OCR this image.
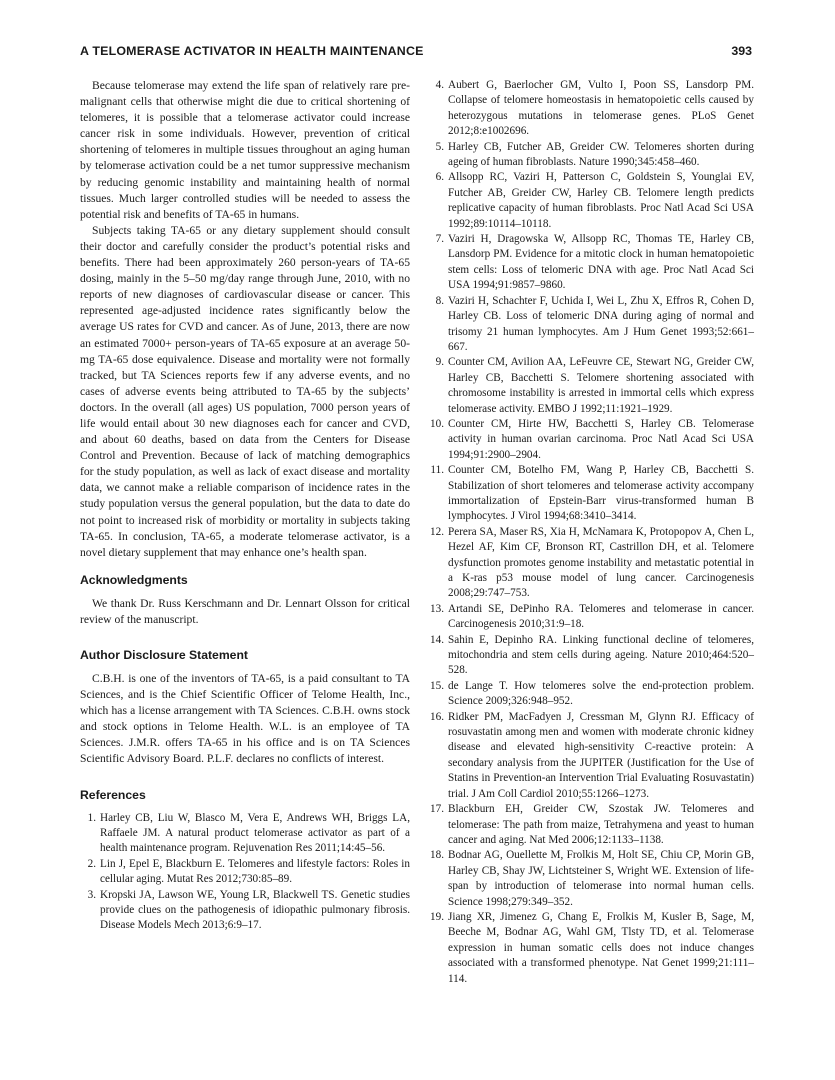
A TELOMERASE ACTIVATOR IN HEALTH MAINTENANCE	393

Because telomerase may extend the life span of relatively rare pre-malignant cells that otherwise might die due to critical shortening of telomeres, it is possible that a telomerase activator could increase cancer risk in some individuals. However, prevention of critical shortening of telomeres in multiple tissues throughout an aging human by telomerase activation could be a net tumor suppressive mechanism by reducing genomic instability and maintaining health of normal tissues. Much larger controlled studies will be needed to assess the potential risk and benefits of TA-65 in humans.

Subjects taking TA-65 or any dietary supplement should consult their doctor and carefully consider the product’s potential risks and benefits. There had been approximately 260 person-years of TA-65 dosing, mainly in the 5–50 mg/day range through June, 2010, with no reports of new diagnoses of cardiovascular disease or cancer. This represented age-adjusted incidence rates significantly below the average US rates for CVD and cancer. As of June, 2013, there are now an estimated 7000+ person-years of TA-65 exposure at an average 50-mg TA-65 dose equivalence. Disease and mortality were not formally tracked, but TA Sciences reports few if any adverse events, and no cases of adverse events being attributed to TA-65 by the subjects’ doctors. In the overall (all ages) US population, 7000 person years of life would entail about 30 new diagnoses each for cancer and CVD, and about 60 deaths, based on data from the Centers for Disease Control and Prevention. Because of lack of matching demographics for the study population, as well as lack of exact disease and mortality data, we cannot make a reliable comparison of incidence rates in the study population versus the general population, but the data to date do not point to increased risk of morbidity or mortality in subjects taking TA-65. In conclusion, TA-65, a moderate telomerase activator, is a novel dietary supplement that may enhance one’s health span.

Acknowledgments

We thank Dr. Russ Kerschmann and Dr. Lennart Olsson for critical review of the manuscript.

Author Disclosure Statement

C.B.H. is one of the inventors of TA-65, is a paid consultant to TA Sciences, and is the Chief Scientific Officer of Telome Health, Inc., which has a license arrangement with TA Sciences. C.B.H. owns stock and stock options in Telome Health. W.L. is an employee of TA Sciences. J.M.R. offers TA-65 in his office and is on TA Sciences Scientific Advisory Board. P.L.F. declares no conflicts of interest.

References
1. Harley CB, Liu W, Blasco M, Vera E, Andrews WH, Briggs LA, Raffaele JM. A natural product telomerase activator as part of a health maintenance program. Rejuvenation Res 2011;14:45–56.
2. Lin J, Epel E, Blackburn E. Telomeres and lifestyle factors: Roles in cellular aging. Mutat Res 2012;730:85–89.
3. Kropski JA, Lawson WE, Young LR, Blackwell TS. Genetic studies provide clues on the pathogenesis of idiopathic pulmonary fibrosis. Disease Models Mech 2013;6:9–17.
4. Aubert G, Baerlocher GM, Vulto I, Poon SS, Lansdorp PM. Collapse of telomere homeostasis in hematopoietic cells caused by heterozygous mutations in telomerase genes. PLoS Genet 2012;8:e1002696.
5. Harley CB, Futcher AB, Greider CW. Telomeres shorten during ageing of human fibroblasts. Nature 1990;345:458–460.
6. Allsopp RC, Vaziri H, Patterson C, Goldstein S, Younglai EV, Futcher AB, Greider CW, Harley CB. Telomere length predicts replicative capacity of human fibroblasts. Proc Natl Acad Sci USA 1992;89:10114–10118.
7. Vaziri H, Dragowska W, Allsopp RC, Thomas TE, Harley CB, Lansdorp PM. Evidence for a mitotic clock in human hematopoietic stem cells: Loss of telomeric DNA with age. Proc Natl Acad Sci USA 1994;91:9857–9860.
8. Vaziri H, Schachter F, Uchida I, Wei L, Zhu X, Effros R, Cohen D, Harley CB. Loss of telomeric DNA during aging of normal and trisomy 21 human lymphocytes. Am J Hum Genet 1993;52:661–667.
9. Counter CM, Avilion AA, LeFeuvre CE, Stewart NG, Greider CW, Harley CB, Bacchetti S. Telomere shortening associated with chromosome instability is arrested in immortal cells which express telomerase activity. EMBO J 1992;11:1921–1929.
10. Counter CM, Hirte HW, Bacchetti S, Harley CB. Telomerase activity in human ovarian carcinoma. Proc Natl Acad Sci USA 1994;91:2900–2904.
11. Counter CM, Botelho FM, Wang P, Harley CB, Bacchetti S. Stabilization of short telomeres and telomerase activity accompany immortalization of Epstein-Barr virus-transformed human B lymphocytes. J Virol 1994;68:3410–3414.
12. Perera SA, Maser RS, Xia H, McNamara K, Protopopov A, Chen L, Hezel AF, Kim CF, Bronson RT, Castrillon DH, et al. Telomere dysfunction promotes genome instability and metastatic potential in a K-ras p53 mouse model of lung cancer. Carcinogenesis 2008;29:747–753.
13. Artandi SE, DePinho RA. Telomeres and telomerase in cancer. Carcinogenesis 2010;31:9–18.
14. Sahin E, Depinho RA. Linking functional decline of telomeres, mitochondria and stem cells during ageing. Nature 2010;464:520–528.
15. de Lange T. How telomeres solve the end-protection problem. Science 2009;326:948–952.
16. Ridker PM, MacFadyen J, Cressman M, Glynn RJ. Efficacy of rosuvastatin among men and women with moderate chronic kidney disease and elevated high-sensitivity C-reactive protein: A secondary analysis from the JUPITER (Justification for the Use of Statins in Prevention-an Intervention Trial Evaluating Rosuvastatin) trial. J Am Coll Cardiol 2010;55:1266–1273.
17. Blackburn EH, Greider CW, Szostak JW. Telomeres and telomerase: The path from maize, Tetrahymena and yeast to human cancer and aging. Nat Med 2006;12:1133–1138.
18. Bodnar AG, Ouellette M, Frolkis M, Holt SE, Chiu CP, Morin GB, Harley CB, Shay JW, Lichtsteiner S, Wright WE. Extension of life-span by introduction of telomerase into normal human cells. Science 1998;279:349–352.
19. Jiang XR, Jimenez G, Chang E, Frolkis M, Kusler B, Sage, M, Beeche M, Bodnar AG, Wahl GM, Tlsty TD, et al. Telomerase expression in human somatic cells does not induce changes associated with a transformed phenotype. Nat Genet 1999;21:111–114.
